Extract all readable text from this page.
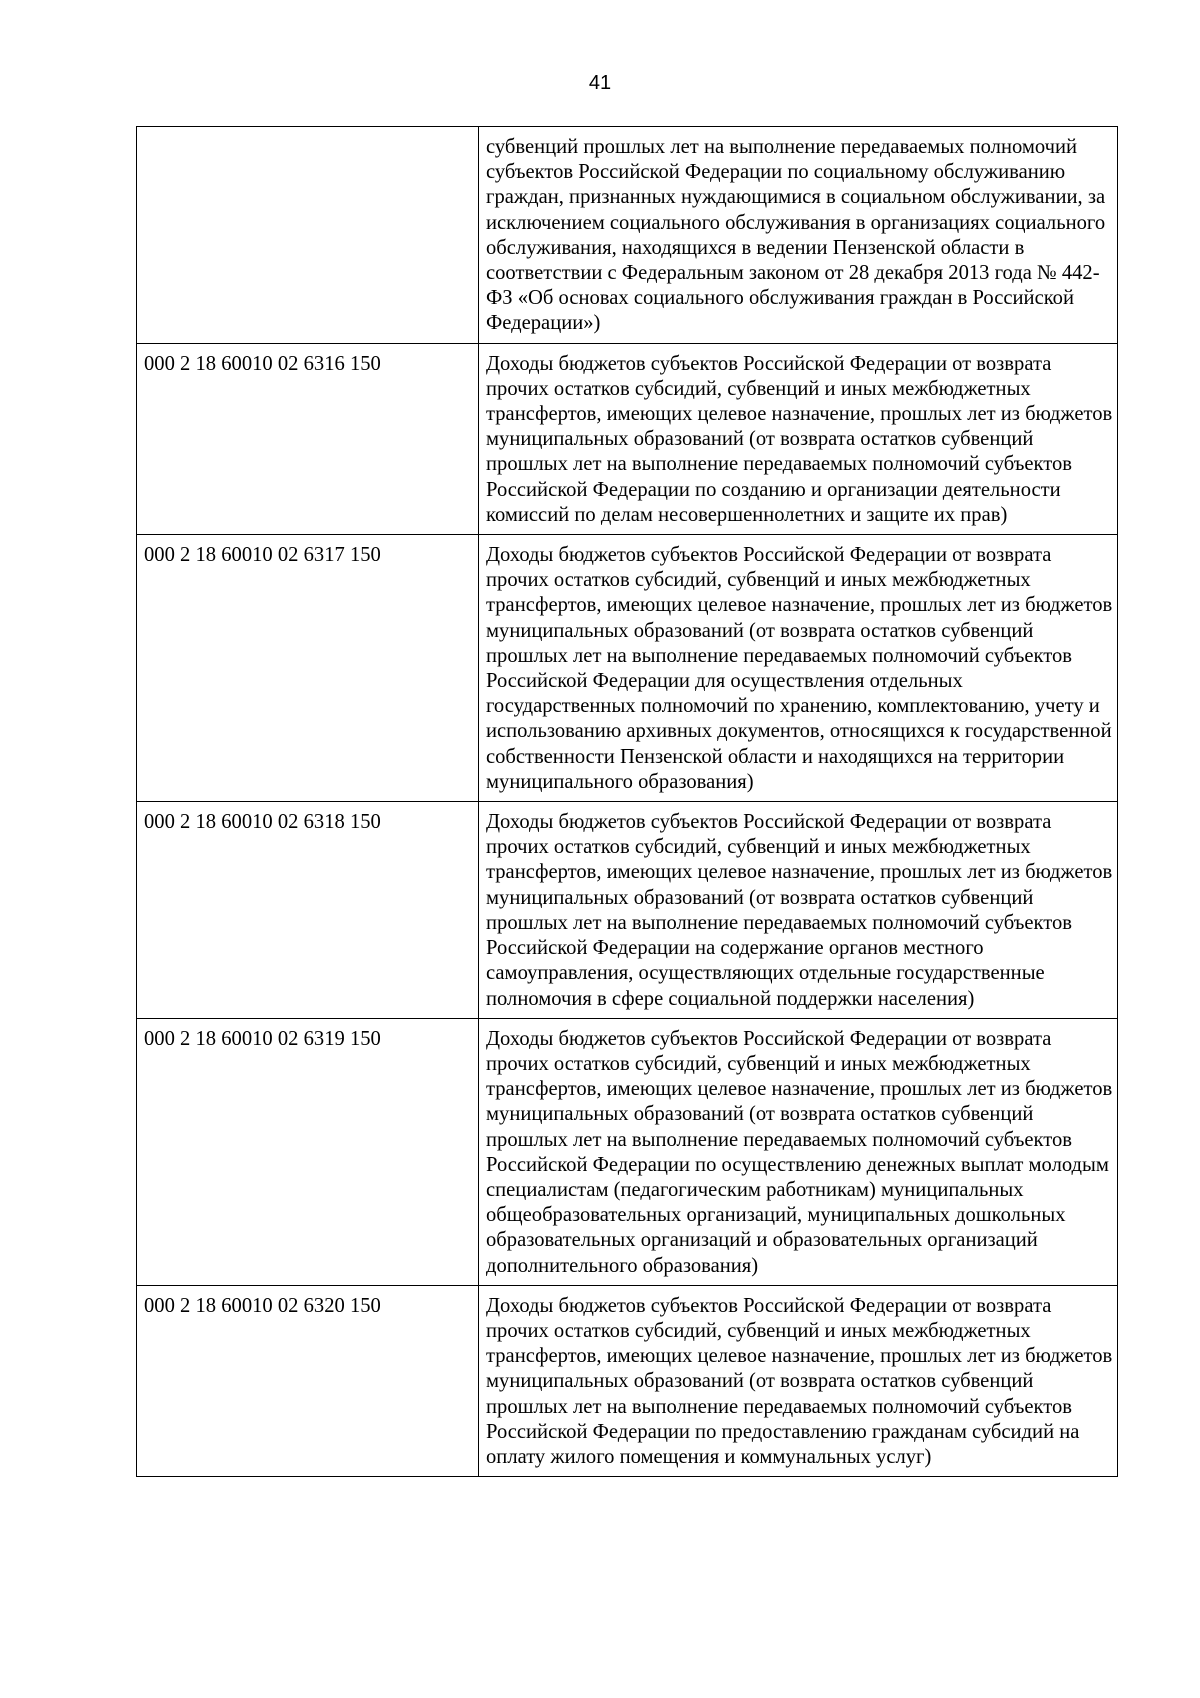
41
	субвенций прошлых лет на выполнение передаваемых полномочий субъектов Российской Федерации по социальному обслуживанию граждан, признанных нуждающимися в социальном обслуживании, за исключением социального обслуживания в организациях социального обслуживания, находящихся в ведении Пензенской области в соответствии с Федеральным законом от 28 декабря 2013 года № 442-ФЗ «Об основах социального обслуживания граждан в Российской Федерации»)
000 2 18 60010 02 6316 150	Доходы бюджетов субъектов Российской Федерации от возврата прочих остатков субсидий, субвенций и иных межбюджетных трансфертов, имеющих целевое назначение, прошлых лет из бюджетов муниципальных образований (от возврата остатков субвенций прошлых лет на выполнение передаваемых полномочий субъектов Российской Федерации по созданию и организации деятельности комиссий по делам несовершеннолетних и защите их прав)
000 2 18 60010 02 6317 150	Доходы бюджетов субъектов Российской Федерации от возврата прочих остатков субсидий, субвенций и иных межбюджетных трансфертов, имеющих целевое назначение, прошлых лет из бюджетов муниципальных образований (от возврата остатков субвенций прошлых лет на выполнение передаваемых полномочий субъектов Российской Федерации для осуществления отдельных государственных полномочий по хранению, комплектованию, учету и использованию архивных документов, относящихся к государственной собственности Пензенской области и находящихся на территории муниципального образования)
000 2 18 60010 02 6318 150	Доходы бюджетов субъектов Российской Федерации от возврата прочих остатков субсидий, субвенций и иных межбюджетных трансфертов, имеющих целевое назначение, прошлых лет из бюджетов муниципальных образований (от возврата остатков субвенций прошлых лет на выполнение передаваемых полномочий субъектов Российской Федерации на содержание органов местного самоуправления, осуществляющих отдельные государственные полномочия в сфере социальной поддержки населения)
000 2 18 60010 02 6319 150	Доходы бюджетов субъектов Российской Федерации от возврата прочих остатков субсидий, субвенций и иных межбюджетных трансфертов, имеющих целевое назначение, прошлых лет из бюджетов муниципальных образований (от возврата остатков субвенций прошлых лет на выполнение передаваемых полномочий субъектов Российской Федерации по осуществлению денежных выплат молодым специалистам (педагогическим работникам) муниципальных общеобразовательных организаций, муниципальных дошкольных образовательных организаций и образовательных организаций дополнительного образования)
000 2 18 60010 02 6320 150	Доходы бюджетов субъектов Российской Федерации от возврата прочих остатков субсидий, субвенций и иных межбюджетных трансфертов, имеющих целевое назначение, прошлых лет из бюджетов муниципальных образований (от возврата остатков субвенций прошлых лет на выполнение передаваемых полномочий субъектов Российской Федерации по предоставлению гражданам субсидий на оплату жилого помещения и коммунальных услуг)
